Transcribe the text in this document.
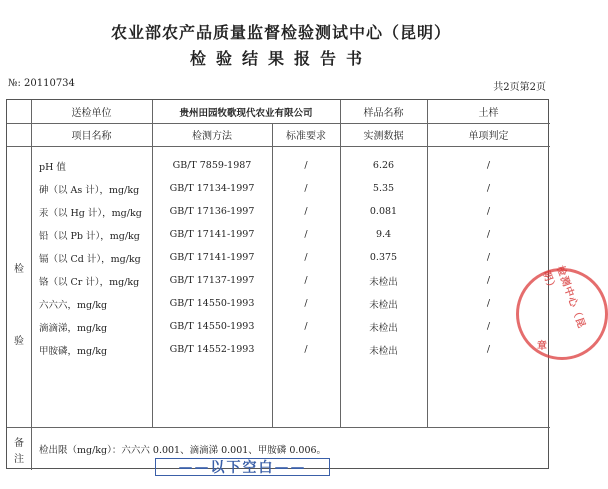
农业部农产品质量监督检验测试中心（昆明）
检验结果报告书
№: 20110734	共2页第2页
送检单位	贵州田园牧歌现代农业有限公司	样品名称	土样
项目名称	检测方法	标准要求	实测数据	单项判定
检
验
pH 值	GB/T 7859-1987	/	6.26	/
砷（以 As 计），mg/kg	GB/T 17134-1997	/	5.35	/
汞（以 Hg 计），mg/kg	GB/T 17136-1997	/	0.081	/
铅（以 Pb 计），mg/kg	GB/T 17141-1997	/	9.4	/
镉（以 Cd 计），mg/kg	GB/T 17141-1997	/	0.375	/
铬（以 Cr 计），mg/kg	GB/T 17137-1997	/	未检出	/
六六六，mg/kg	GB/T 14550-1993	/	未检出	/
滴滴涕，mg/kg	GB/T 14550-1993	/	未检出	/
甲胺磷，mg/kg	GB/T 14552-1993	/	未检出	/
备
注
检出限（mg/kg）：六六六 0.001、滴滴涕 0.001、甲胺磷 0.006。
——以下空白——
检测中心（昆明）
章
